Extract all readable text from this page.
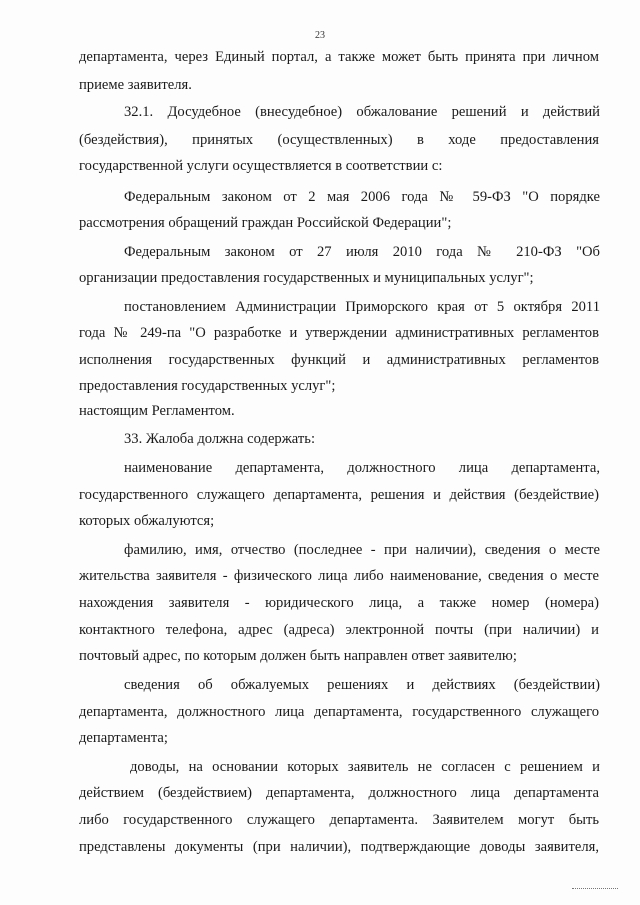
23
департамента, через Единый портал, а также может быть принята при личном
приеме заявителя.
32.1. Досудебное (внесудебное) обжалование решений и действий
(бездействия), принятых (осуществленных) в ходе предоставления
государственной услуги осуществляется в соответствии с:
Федеральным законом от 2 мая 2006 года № 59-ФЗ "О порядке
рассмотрения обращений граждан Российской Федерации";
Федеральным законом от 27 июля 2010 года № 210-ФЗ "Об
организации предоставления государственных и муниципальных услуг";
постановлением Администрации Приморского края от 5 октября 2011
года № 249-па "О разработке и утверждении административных регламентов
исполнения государственных функций и административных регламентов
предоставления государственных услуг";
настоящим Регламентом.
33. Жалоба должна содержать:
наименование департамента, должностного лица департамента,
государственного служащего департамента, решения и действия (бездействие)
которых обжалуются;
фамилию, имя, отчество (последнее - при наличии), сведения о месте
жительства заявителя - физического лица либо наименование, сведения о месте
нахождения заявителя - юридического лица, а также номер (номера)
контактного телефона, адрес (адреса) электронной почты (при наличии) и
почтовый адрес, по которым должен быть направлен ответ заявителю;
сведения об обжалуемых решениях и действиях (бездействии)
департамента, должностного лица департамента, государственного служащего
департамента;
доводы, на основании которых заявитель не согласен с решением и
действием (бездействием) департамента, должностного лица департамента
либо государственного служащего департамента. Заявителем могут быть
представлены документы (при наличии), подтверждающие доводы заявителя,
